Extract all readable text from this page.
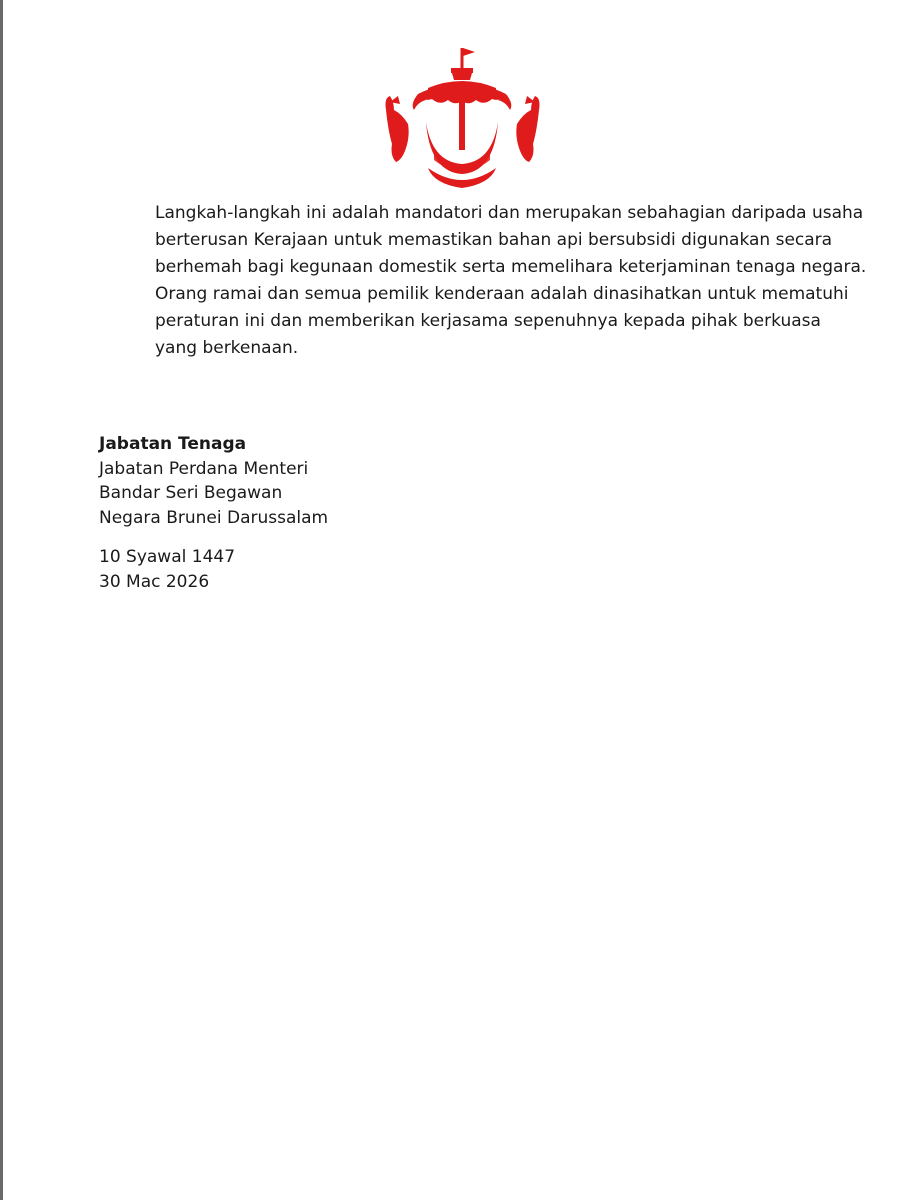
Langkah-langkah ini adalah mandatori dan merupakan sebahagian daripada usaha
berterusan Kerajaan untuk memastikan bahan api bersubsidi digunakan secara
berhemah bagi kegunaan domestik serta memelihara keterjaminan tenaga negara.
Orang ramai dan semua pemilik kenderaan adalah dinasihatkan untuk mematuhi
peraturan ini dan memberikan kerjasama sepenuhnya kepada pihak berkuasa
yang berkenaan.
Jabatan Tenaga
Jabatan Perdana Menteri
Bandar Seri Begawan
Negara Brunei Darussalam
10 Syawal 1447
30 Mac 2026
